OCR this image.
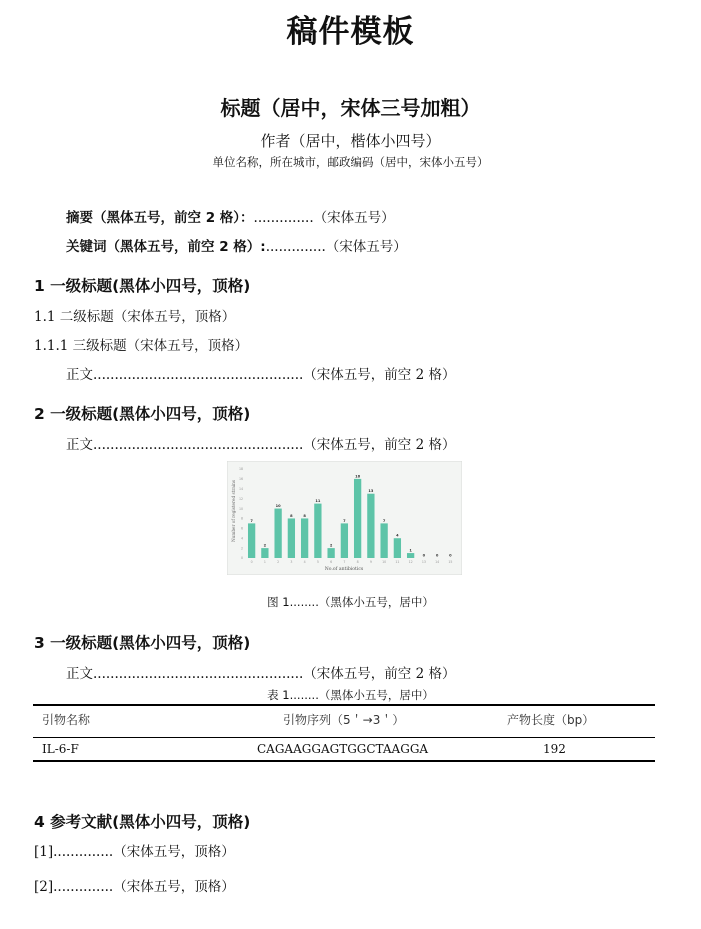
稿件模板
标题（居中，宋体三号加粗）
作者（居中，楷体小四号）
单位名称，所在城市，邮政编码（居中，宋体小五号）
摘要（黑体五号，前空 2 格）：..............（宋体五号）
关键词（黑体五号，前空 2 格）:..............（宋体五号）
1 一级标题(黑体小四号，顶格)
1.1 二级标题（宋体五号，顶格）
1.1.1 三级标题（宋体五号，顶格）
正文.................................................（宋体五号，前空 2 格）
2 一级标题(黑体小四号，顶格)
正文.................................................（宋体五号，前空 2 格）
Number of registered strains
No.of antibiotics
0
2
4
6
8
10
12
14
16
18
7
0
2
1
10
2
8
3
8
4
11
5
2
6
7
7
16
8
13
9
7
10
4
11
1
12
0
13
0
14
0
15
图 1........（黑体小五号，居中）
3 一级标题(黑体小四号，顶格)
正文.................................................（宋体五号，前空 2 格）
表 1........（黑体小五号，居中）
引物名称	引物序列（5＇→3＇）	产物长度（bp）
IL-6-F	CAGAAGGAGTGGCTAAGGA	192
4 参考文献(黑体小四号，顶格)
[1]..............（宋体五号，顶格）
[2]..............（宋体五号，顶格）
